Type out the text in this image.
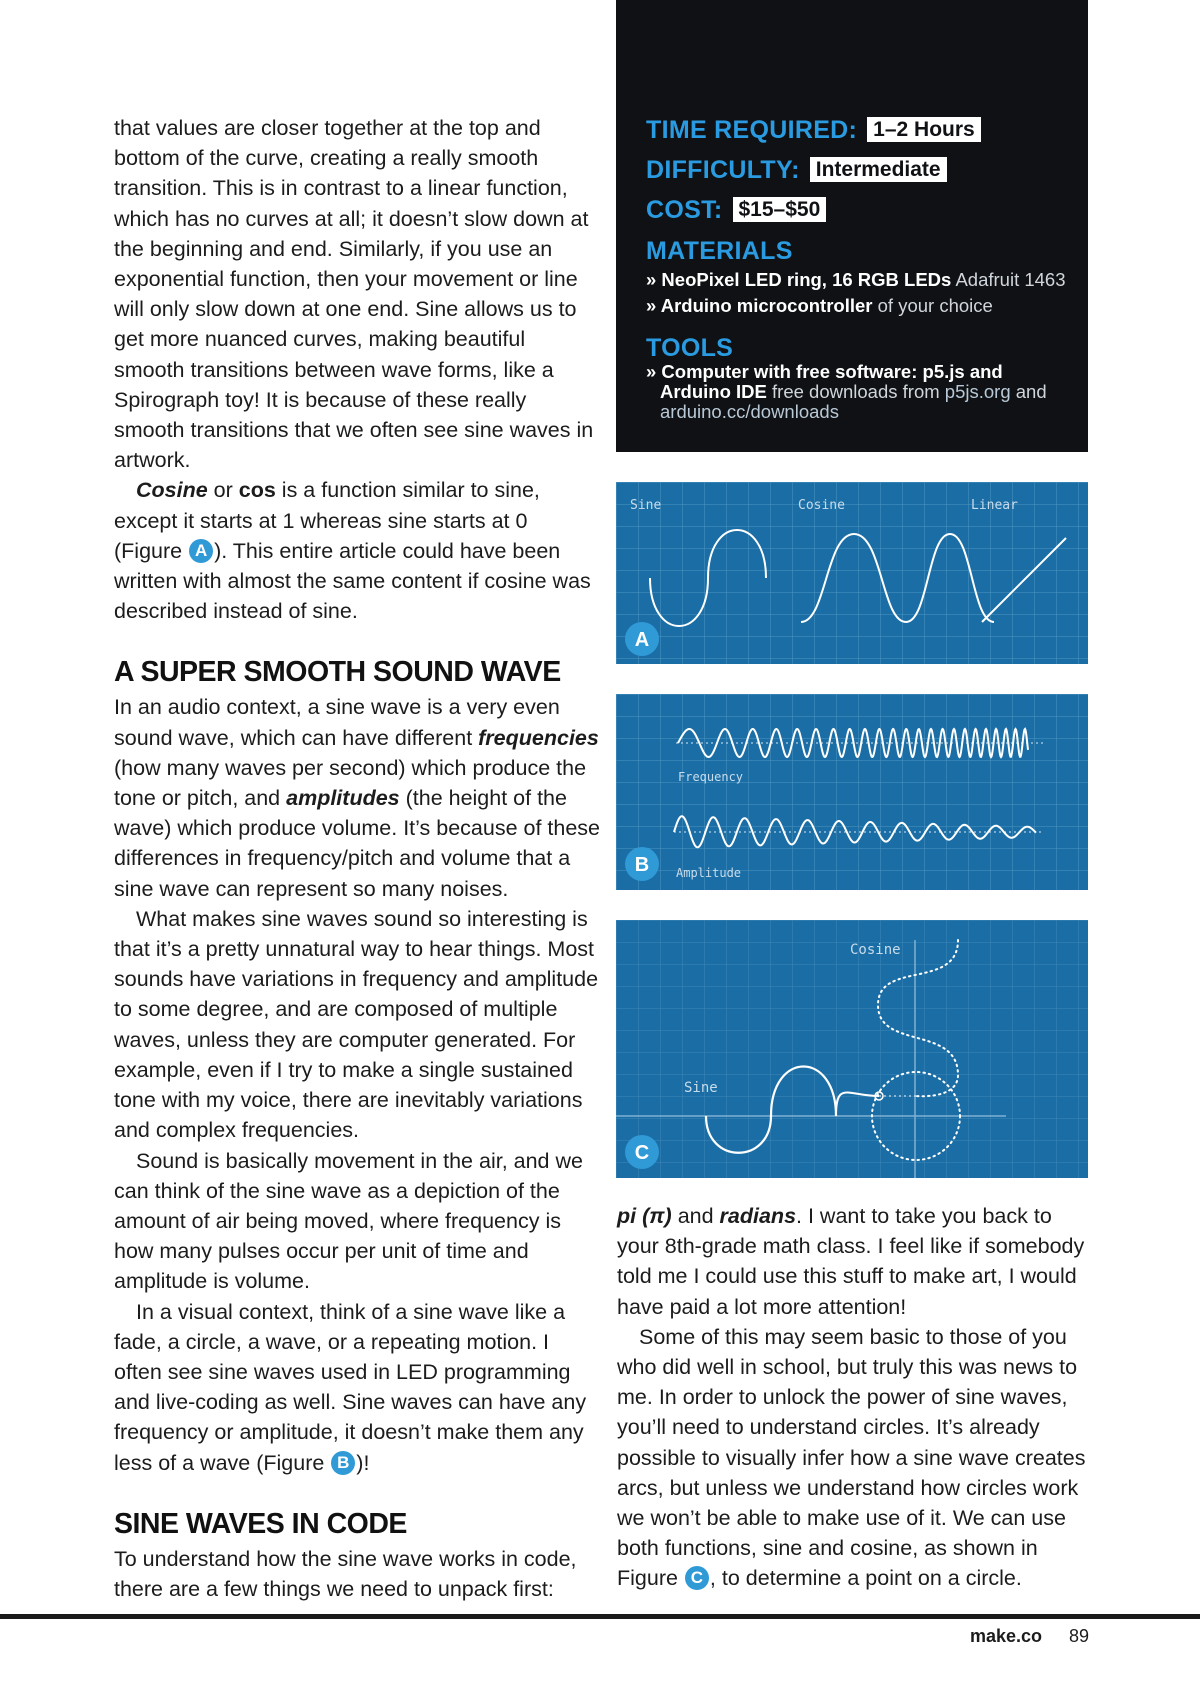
that values are closer together at the top and bottom of the curve, creating a really smooth transition. This is in contrast to a linear function, which has no curves at all; it doesn’t slow down at the beginning and end. Similarly, if you use an exponential function, then your movement or line will only slow down at one end. Sine allows us to get more nuanced curves, making beautiful smooth transitions between wave forms, like a Spirograph toy! It is because of these really smooth transitions that we often see sine waves in artwork.

Cosine or cos is a function similar to sine, except it starts at 1 whereas sine starts at 0 (Figure A ). This entire article could have been written with almost the same content if cosine was described instead of sine.

A SUPER SMOOTH SOUND WAVE

In an audio context, a sine wave is a very even sound wave, which can have different frequencies (how many waves per second) which produce the tone or pitch, and amplitudes (the height of the wave) which produce volume. It’s because of these differences in frequency/pitch and volume that a sine wave can represent so many noises.

What makes sine waves sound so interesting is that it’s a pretty unnatural way to hear things. Most sounds have variations in frequency and amplitude to some degree, and are composed of multiple waves, unless they are computer generated. For example, even if I try to make a single sustained tone with my voice, there are inevitably variations and complex frequencies.

Sound is basically movement in the air, and we can think of the sine wave as a depiction of the amount of air being moved, where frequency is how many pulses occur per unit of time and amplitude is volume.

In a visual context, think of a sine wave like a fade, a circle, a wave, or a repeating motion. I often see sine waves used in LED programming and live-coding as well. Sine waves can have any frequency or amplitude, it doesn’t make them any less of a wave (Figure B )!

SINE WAVES IN CODE

To understand how the sine wave works in code, there are a few things we need to unpack first:

TIME REQUIRED: 1–2 Hours
DIFFICULTY: Intermediate
COST: $15–$50
MATERIALS
» NeoPixel LED ring, 16 RGB LEDs Adafruit 1463
» Arduino microcontroller of your choice
TOOLS
» Computer with free software: p5.js and
Arduino IDE free downloads from p5js.org and
arduino.cc/downloads
Sine	Cosine	Linear
A
Frequency
Amplitude
B
Cosine
Sine
C

pi (π) and radians. I want to take you back to your 8th-grade math class. I feel like if somebody told me I could use this stuff to make art, I would have paid a lot more attention!

Some of this may seem basic to those of you who did well in school, but truly this was news to me. In order to unlock the power of sine waves, you’ll need to understand circles. It’s already possible to visually infer how a sine wave creates arcs, but unless we understand how circles work we won’t be able to make use of it. We can use both functions, sine and cosine, as shown in Figure C , to determine a point on a circle.

make.co 89
